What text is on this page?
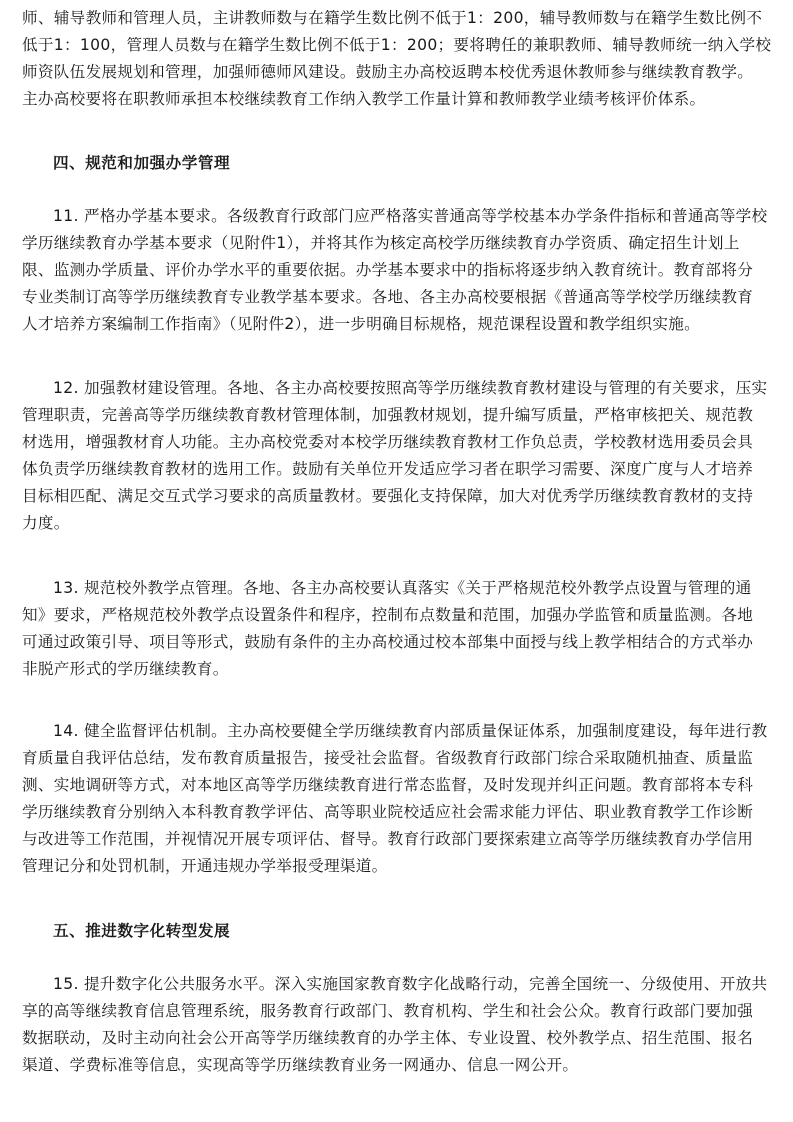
师、辅导教师和管理人员，主讲教师数与在籍学生数比例不低于1：200，辅导教师数与在籍学生数比例不
低于1：100，管理人员数与在籍学生数比例不低于1：200；要将聘任的兼职教师、辅导教师统一纳入学校
师资队伍发展规划和管理，加强师德师风建设。鼓励主办高校返聘本校优秀退休教师参与继续教育教学。
主办高校要将在职教师承担本校继续教育工作纳入教学工作量计算和教师教学业绩考核评价体系。
四、规范和加强办学管理
11. 严格办学基本要求。各级教育行政部门应严格落实普通高等学校基本办学条件指标和普通高等学校
学历继续教育办学基本要求（见附件1），并将其作为核定高校学历继续教育办学资质、确定招生计划上
限、监测办学质量、评价办学水平的重要依据。办学基本要求中的指标将逐步纳入教育统计。教育部将分
专业类制订高等学历继续教育专业教学基本要求。各地、各主办高校要根据《普通高等学校学历继续教育
人才培养方案编制工作指南》（见附件2），进一步明确目标规格，规范课程设置和教学组织实施。
12. 加强教材建设管理。各地、各主办高校要按照高等学历继续教育教材建设与管理的有关要求，压实
管理职责，完善高等学历继续教育教材管理体制，加强教材规划，提升编写质量，严格审核把关、规范教
材选用，增强教材育人功能。主办高校党委对本校学历继续教育教材工作负总责，学校教材选用委员会具
体负责学历继续教育教材的选用工作。鼓励有关单位开发适应学习者在职学习需要、深度广度与人才培养
目标相匹配、满足交互式学习要求的高质量教材。要强化支持保障，加大对优秀学历继续教育教材的支持
力度。
13. 规范校外教学点管理。各地、各主办高校要认真落实《关于严格规范校外教学点设置与管理的通
知》要求，严格规范校外教学点设置条件和程序，控制布点数量和范围，加强办学监管和质量监测。各地
可通过政策引导、项目等形式，鼓励有条件的主办高校通过校本部集中面授与线上教学相结合的方式举办
非脱产形式的学历继续教育。
14. 健全监督评估机制。主办高校要健全学历继续教育内部质量保证体系，加强制度建设，每年进行教
育质量自我评估总结，发布教育质量报告，接受社会监督。省级教育行政部门综合采取随机抽查、质量监
测、实地调研等方式，对本地区高等学历继续教育进行常态监督，及时发现并纠正问题。教育部将本专科
学历继续教育分别纳入本科教育教学评估、高等职业院校适应社会需求能力评估、职业教育教学工作诊断
与改进等工作范围，并视情况开展专项评估、督导。教育行政部门要探索建立高等学历继续教育办学信用
管理记分和处罚机制，开通违规办学举报受理渠道。
五、推进数字化转型发展
15. 提升数字化公共服务水平。深入实施国家教育数字化战略行动，完善全国统一、分级使用、开放共
享的高等继续教育信息管理系统，服务教育行政部门、教育机构、学生和社会公众。教育行政部门要加强
数据联动，及时主动向社会公开高等学历继续教育的办学主体、专业设置、校外教学点、招生范围、报名
渠道、学费标准等信息，实现高等学历继续教育业务一网通办、信息一网公开。
